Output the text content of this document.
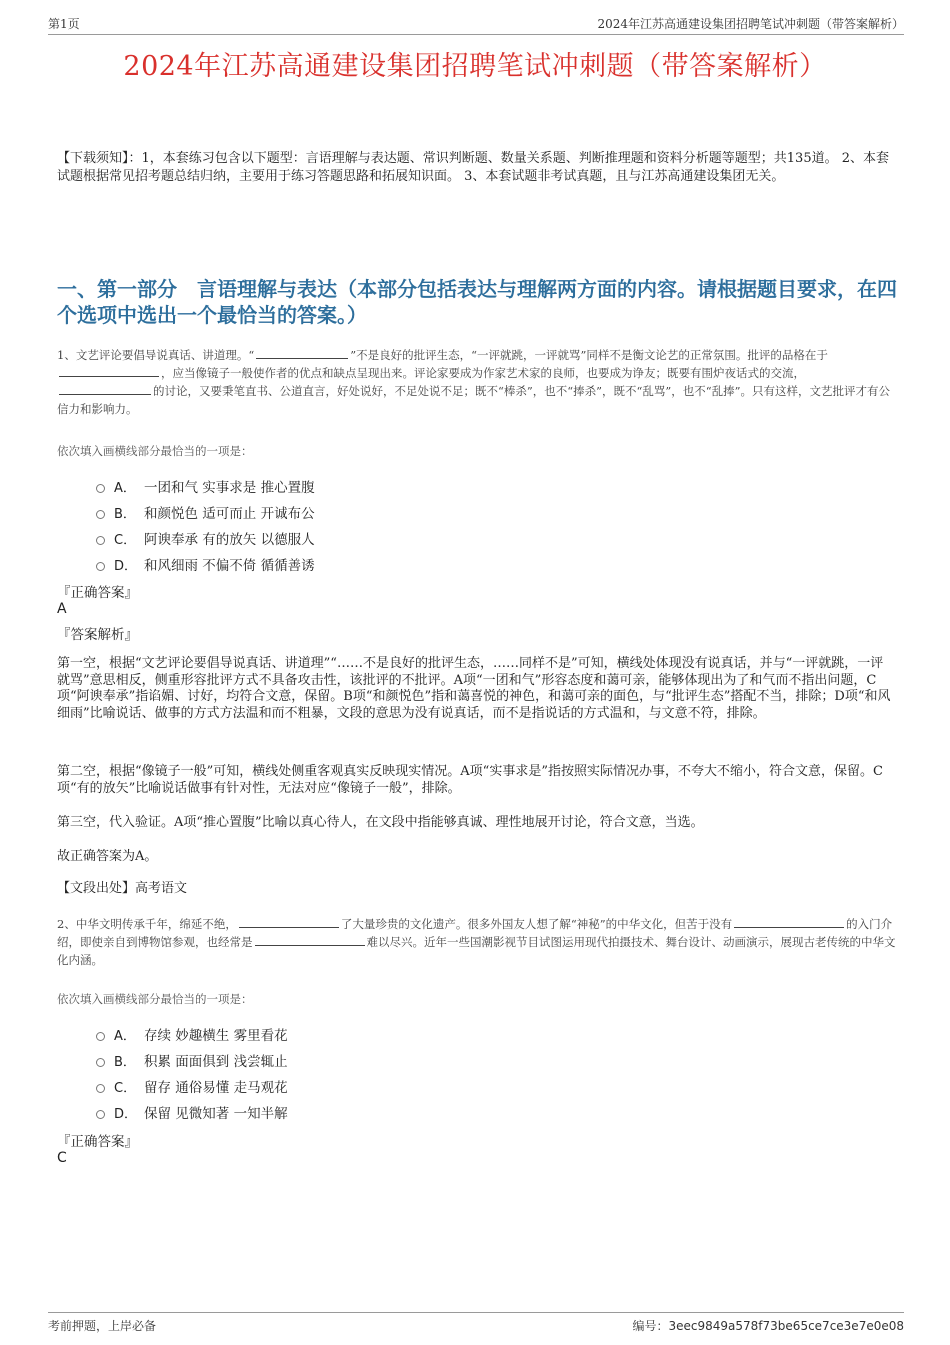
第1页	2024年江苏高通建设集团招聘笔试冲刺题（带答案解析）
2024年江苏高通建设集团招聘笔试冲刺题（带答案解析）

【下载须知】：1，本套练习包含以下题型：言语理解与表达题、常识判断题、数量关系题、判断推理题和资料分析题等题型；共135道。 2、本套试题根据常见招考题总结归纳，主要用于练习答题思路和拓展知识面。 3、本套试题非考试真题，且与江苏高通建设集团无关。

一、第一部分　言语理解与表达（本部分包括表达与理解两方面的内容。请根据题目要求，在四个选项中选出一个最恰当的答案。）

1、文艺评论要倡导说真话、讲道理。“	”不是良好的批评生态，“一评就跳，一评就骂”同样不是衡文论艺的正常氛围。批评的品格在于，应当像镜子一般使作者的优点和缺点呈现出来。评论家要成为作家艺术家的良师，也要成为诤友；既要有围炉夜话式的交流，的讨论，又要秉笔直书、公道直言，好处说好，不足处说不足；既不“棒杀”，也不“捧杀”，既不“乱骂”，也不“乱捧”。只有这样，文艺批评才有公信力和影响力。

依次填入画横线部分最恰当的一项是：

A． 一团和气 实事求是 推心置腹
B． 和颜悦色 适可而止 开诚布公
C． 阿谀奉承 有的放矢 以德服人
D． 和风细雨 不偏不倚 循循善诱
『正确答案』
A
『答案解析』

第一空，根据“文艺评论要倡导说真话、讲道理”“……不是良好的批评生态，……同样不是”可知，横线处体现没有说真话，并与“一评就跳，一评就骂”意思相反，侧重形容批评方式不具备攻击性，该批评的不批评。A项“一团和气”形容态度和蔼可亲，能够体现出为了和气而不指出问题，C项“阿谀奉承”指谄媚、讨好，均符合文意，保留。B项“和颜悦色”指和蔼喜悦的神色，和蔼可亲的面色，与“批评生态”搭配不当，排除；D项“和风细雨”比喻说话、做事的方式方法温和而不粗暴，文段的意思为没有说真话，而不是指说话的方式温和，与文意不符，排除。

第二空，根据“像镜子一般”可知，横线处侧重客观真实反映现实情况。A项“实事求是”指按照实际情况办事，不夸大不缩小，符合文意，保留。C项“有的放矢”比喻说话做事有针对性，无法对应“像镜子一般”，排除。

第三空，代入验证。A项“推心置腹”比喻以真心待人，在文段中指能够真诚、理性地展开讨论，符合文意，当选。

故正确答案为A。

【文段出处】高考语文

2、中华文明传承千年，绵延不绝，	了大量珍贵的文化遗产。很多外国友人想了解“神秘”的中华文化，但苦于没有	的入门介绍，即使亲自到博物馆参观，也经常是	难以尽兴。近年一些国潮影视节目试图运用现代拍摄技术、舞台设计、动画演示，展现古老传统的中华文化内涵。

依次填入画横线部分最恰当的一项是：

A． 存续 妙趣横生 雾里看花
B． 积累 面面俱到 浅尝辄止
C． 留存 通俗易懂 走马观花
D． 保留 见微知著 一知半解
『正确答案』
C
考前押题，上岸必备	编号：3eec9849a578f73be65ce7ce3e7e0e08
